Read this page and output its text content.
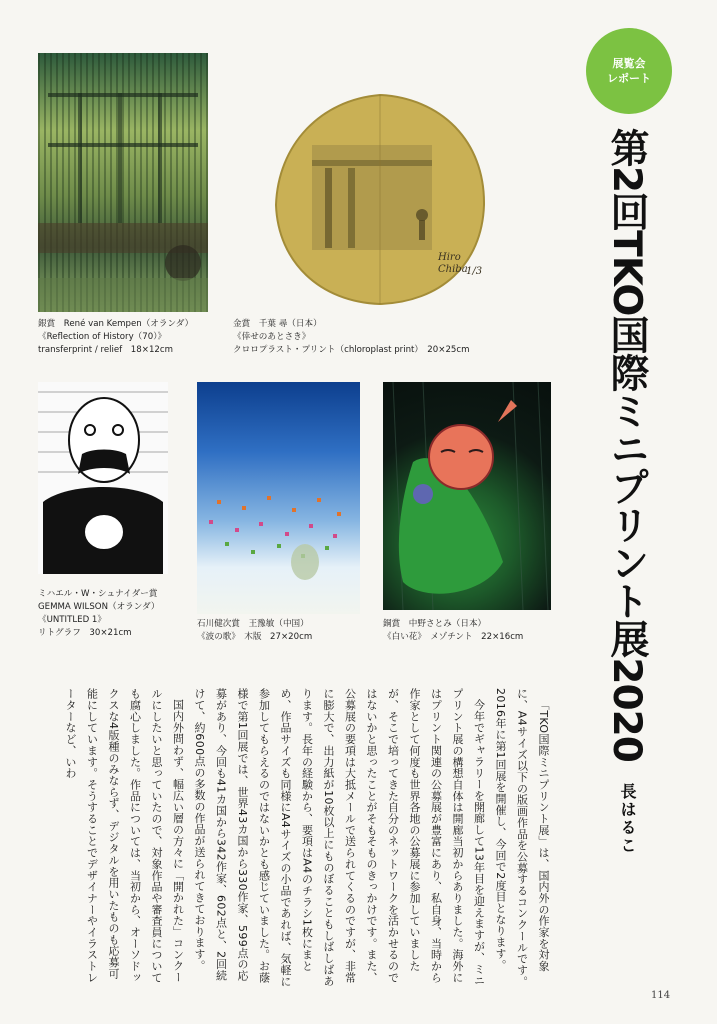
展覧会
レポート
第2回TKO国際ミニプリント展2020
長はるこ
銀賞　René van Kempen（オランダ）
《Reflection of History（70）》
transferprint / relief　18×12cm
Hiro
Chiba
1/3
金賞　千葉 尋（日本）
《倖せのあとさき》
クロロプラスト・プリント（chloroplast print）　20×25cm
ミハエル・W・シュナイダー賞
GEMMA WILSON（オランダ）
《UNTITLED 1》
リトグラフ　30×21cm
石川健次賞　王豫敏（中国）
《波の歌》　木版　27×20cm
銅賞　中野さとみ（日本）
《白い花》　メゾチント　22×16cm

「TKO国際ミニプリント展」は、国内外の作家を対象に、A4サイズ以下の版画作品を公募するコンクールです。2016年に第1回展を開催し、今回で2度目となります。

今年でギャラリーを開廊して13年目を迎えますが、ミニプリント展の構想自体は開廊当初からありました。海外にはプリント関連の公募展が豊富にあり、私自身、当時から作家として何度も世界各地の公募展に参加していましたが、そこで培ってきた自分のネットワークを活かせるのではないかと思ったことがそもそものきっかけです。また、公募展の要項は大抵メールで送られてくるのですが、非常に膨大で、出力紙が10枚以上にものぼることもしばしばあります。長年の経験から、要項はA4のチラシ1枚にまとめ、作品サイズも同様にA4サイズの小品であれば、気軽に参加してもらえるのではないかとも感じていました。お蔭様で第1回展では、世界43カ国から330作家、599点の応募があり、今回も41カ国から342作家、602点と、2回続けて、約600点の多数の作品が送られてきております。

国内外問わず、幅広い層の方々に「開かれた」コンクールにしたいと思っていたので、対象作品や審査員についても腐心しました。作品については、当初から、オーソドックスな4版種のみならず、デジタルを用いたものも応募可能にしています。そうすることでデザイナーやイラストレーターなど、いわ

114
